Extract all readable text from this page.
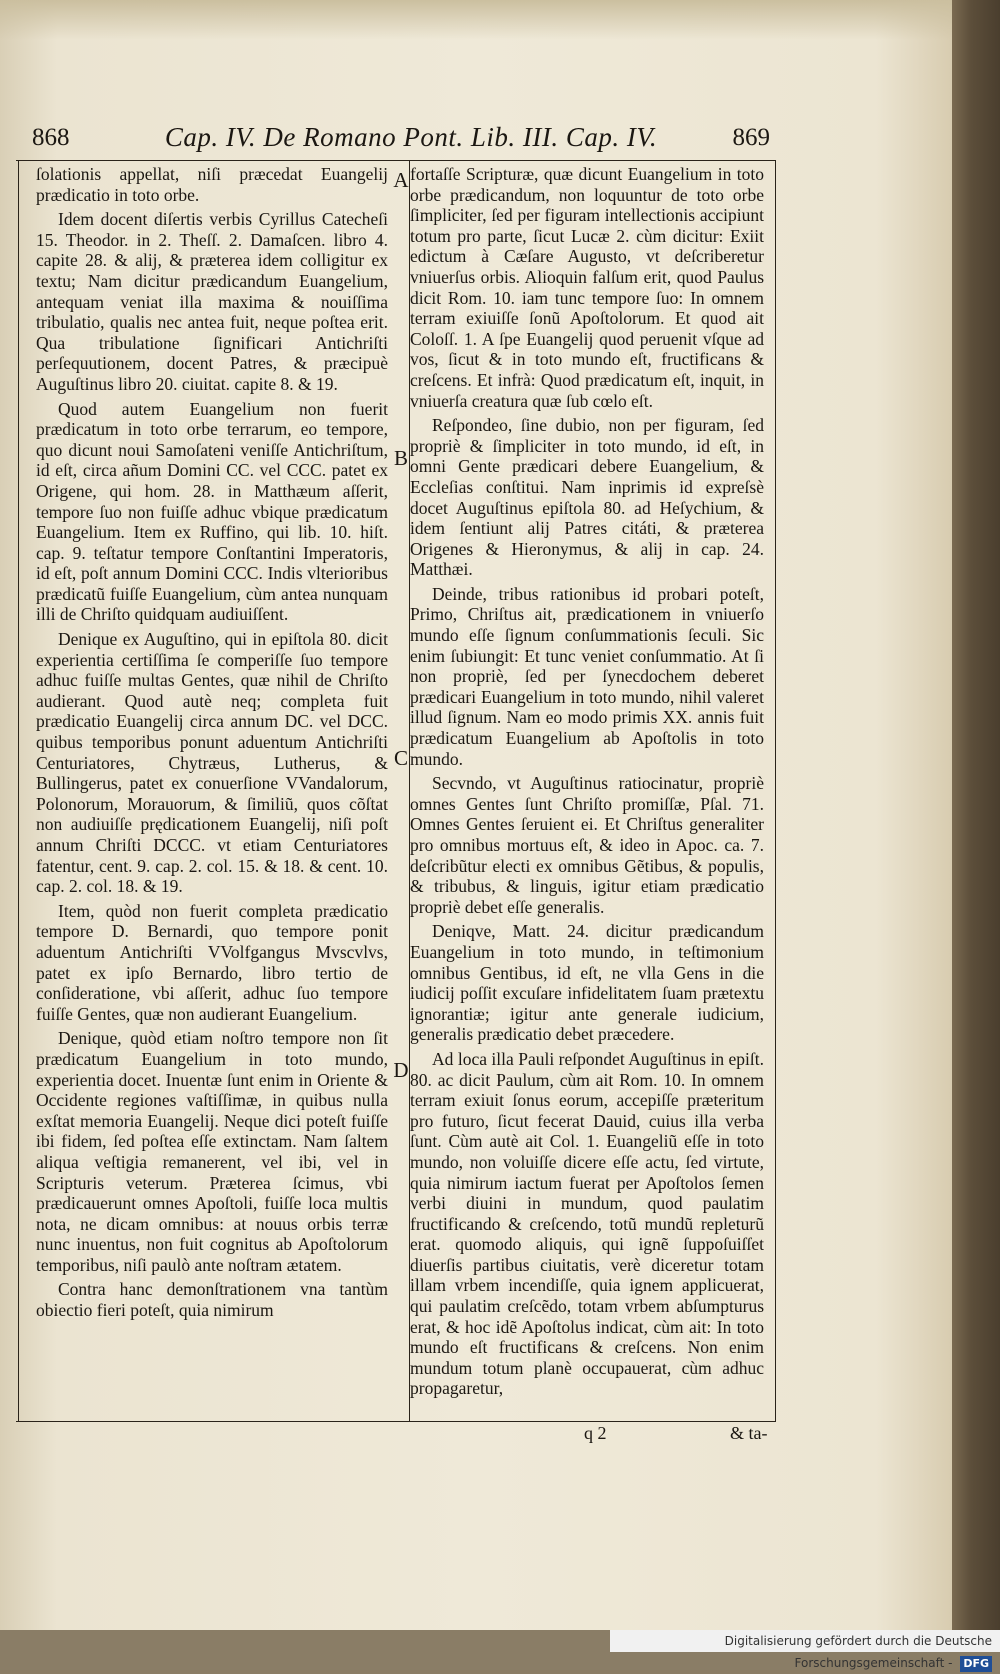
868	Cap. IV. De Romano Pont. Lib. III. Cap. IV.	869
A
B
C
D

ſolationis appellat, niſi præcedat Euangelij prædicatio in toto orbe.

Idem docent diſertis verbis Cyrillus Catecheſi 15. Theodor. in 2. Theſſ. 2. Damaſcen. libro 4. capite 28. & alij, & præterea idem colligitur ex textu; Nam dicitur prædicandum Euangelium, antequam veniat illa maxima & nouiſſima tribulatio, qualis nec antea fuit, neque poſtea erit. Qua tribulatione ſignificari Antichriſti perſequutionem, docent Patres, & præcipuè Auguſtinus libro 20. ciuitat. capite 8. & 19.

Quod autem Euangelium non fuerit prædicatum in toto orbe terrarum, eo tempore, quo dicunt noui Samoſateni veniſſe Antichriſtum, id eſt, circa añum Domini CC. vel CCC. patet ex Origene, qui hom. 28. in Matthæum aſſerit, tempore ſuo non fuiſſe adhuc vbique prædicatum Euangelium. Item ex Ruffino, qui lib. 10. hiſt. cap. 9. teſtatur tempore Conſtantini Imperatoris, id eſt, poſt annum Domini CCC. Indis vlterioribus prædicatũ fuiſſe Euangelium, cùm antea nunquam illi de Chriſto quidquam audiuiſſent.

Denique ex Auguſtino, qui in epiſtola 80. dicit experientia certiſſima ſe comperiſſe ſuo tempore adhuc fuiſſe multas Gentes, quæ nihil de Chriſto audierant. Quod autè neq; completa fuit prædicatio Euangelij circa annum DC. vel DCC. quibus temporibus ponunt aduentum Antichriſti Centuriatores, Chytræus, Lutherus, & Bullingerus, patet ex conuerſione VVandalorum, Polonorum, Morauorum, & ſimiliũ, quos cõſtat non audiuiſſe prędicationem Euangelij, niſi poſt annum Chriſti DCCC. vt etiam Centuriatores fatentur, cent. 9. cap. 2. col. 15. & 18. & cent. 10. cap. 2. col. 18. & 19.

Item, quòd non fuerit completa prædicatio tempore D. Bernardi, quo tempore ponit aduentum Antichriſti VVolfgangus Mvscvlvs, patet ex ipſo Bernardo, libro tertio de conſideratione, vbi aſſerit, adhuc ſuo tempore fuiſſe Gentes, quæ non audierant Euangelium.

Denique, quòd etiam noſtro tempore non ſit prædicatum Euangelium in toto mundo, experientia docet. Inuentæ ſunt enim in Oriente & Occidente regiones vaſtiſſimæ, in quibus nulla exſtat memoria Euangelij. Neque dici poteſt fuiſſe ibi fidem, ſed poſtea eſſe extinctam. Nam ſaltem aliqua veſtigia remanerent, vel ibi, vel in Scripturis veterum. Præterea ſcimus, vbi prædicauerunt omnes Apoſtoli, fuiſſe loca multis nota, ne dicam omnibus: at nouus orbis terræ nunc inuentus, non fuit cognitus ab Apoſtolorum temporibus, niſi paulò ante noſtram ætatem.

Contra hanc demonſtrationem vna tantùm obiectio fieri poteſt, quia nimirum

fortaſſe Scripturæ, quæ dicunt Euangelium in toto orbe prædicandum, non loquuntur de toto orbe ſimpliciter, ſed per figuram intellectionis accipiunt totum pro parte, ſicut Lucæ 2. cùm dicitur: Exiit edictum à Cæſare Augusto, vt deſcriberetur vniuerſus orbis. Alioquin falſum erit, quod Paulus dicit Rom. 10. iam tunc tempore ſuo: In omnem terram exiuiſſe ſonũ Apoſtolorum. Et quod ait Coloſſ. 1. A ſpe Euangelij quod peruenit vſque ad vos, ſicut & in toto mundo eſt, fructificans & creſcens. Et infrà: Quod prædicatum eſt, inquit, in vniuerſa creatura quæ ſub cœlo eſt.

Reſpondeo, ſine dubio, non per figuram, ſed propriè & ſimpliciter in toto mundo, id eſt, in omni Gente prædicari debere Euangelium, & Eccleſias conſtitui. Nam inprimis id expreſsè docet Auguſtinus epiſtola 80. ad Heſychium, & idem ſentiunt alij Patres citáti, & præterea Origenes & Hieronymus, & alij in cap. 24. Matthæi.

Deinde, tribus rationibus id probari poteſt, Primo, Chriſtus ait, prædicationem in vniuerſo mundo eſſe ſignum conſummationis ſeculi. Sic enim ſubiungit: Et tunc veniet conſummatio. At ſi non propriè, ſed per ſynecdochem deberet prædicari Euangelium in toto mundo, nihil valeret illud ſignum. Nam eo modo primis XX. annis fuit prædicatum Euangelium ab Apoſtolis in toto mundo.

Secvndo, vt Auguſtinus ratiocinatur, propriè omnes Gentes ſunt Chriſto promiſſæ, Pſal. 71. Omnes Gentes ſeruient ei. Et Chriſtus generaliter pro omnibus mortuus eſt, & ideo in Apoc. ca. 7. deſcribũtur electi ex omnibus Gẽtibus, & populis, & tribubus, & linguis, igitur etiam prædicatio propriè debet eſſe generalis.

Deniqve, Matt. 24. dicitur prædicandum Euangelium in toto mundo, in teſtimonium omnibus Gentibus, id eſt, ne vlla Gens in die iudicij poſſit excuſare infidelitatem ſuam prætextu ignorantiæ; igitur ante generale iudicium, generalis prædicatio debet præcedere.

Ad loca illa Pauli reſpondet Auguſtinus in epiſt. 80. ac dicit Paulum, cùm ait Rom. 10. In omnem terram exiuit ſonus eorum, accepiſſe præteritum pro futuro, ſicut fecerat Dauid, cuius illa verba ſunt. Cùm autè ait Col. 1. Euangeliũ eſſe in toto mundo, non voluiſſe dicere eſſe actu, ſed virtute, quia nimirum iactum fuerat per Apoſtolos ſemen verbi diuini in mundum, quod paulatim fructificando & creſcendo, totũ mundũ repleturũ erat. quomodo aliquis, qui ignẽ ſuppoſuiſſet diuerſis partibus ciuitatis, verè diceretur totam illam vrbem incendiſſe, quia ignem applicuerat, qui paulatim creſcẽdo, totam vrbem abſumpturus erat, & hoc idẽ Apoſtolus indicat, cùm ait: In toto mundo eſt fructificans & creſcens. Non enim mundum totum planè occupauerat, cùm adhuc propagaretur,

q 2	& ta-
Digitalisierung gefördert durch die Deutsche Forschungsgemeinschaft - DFG
